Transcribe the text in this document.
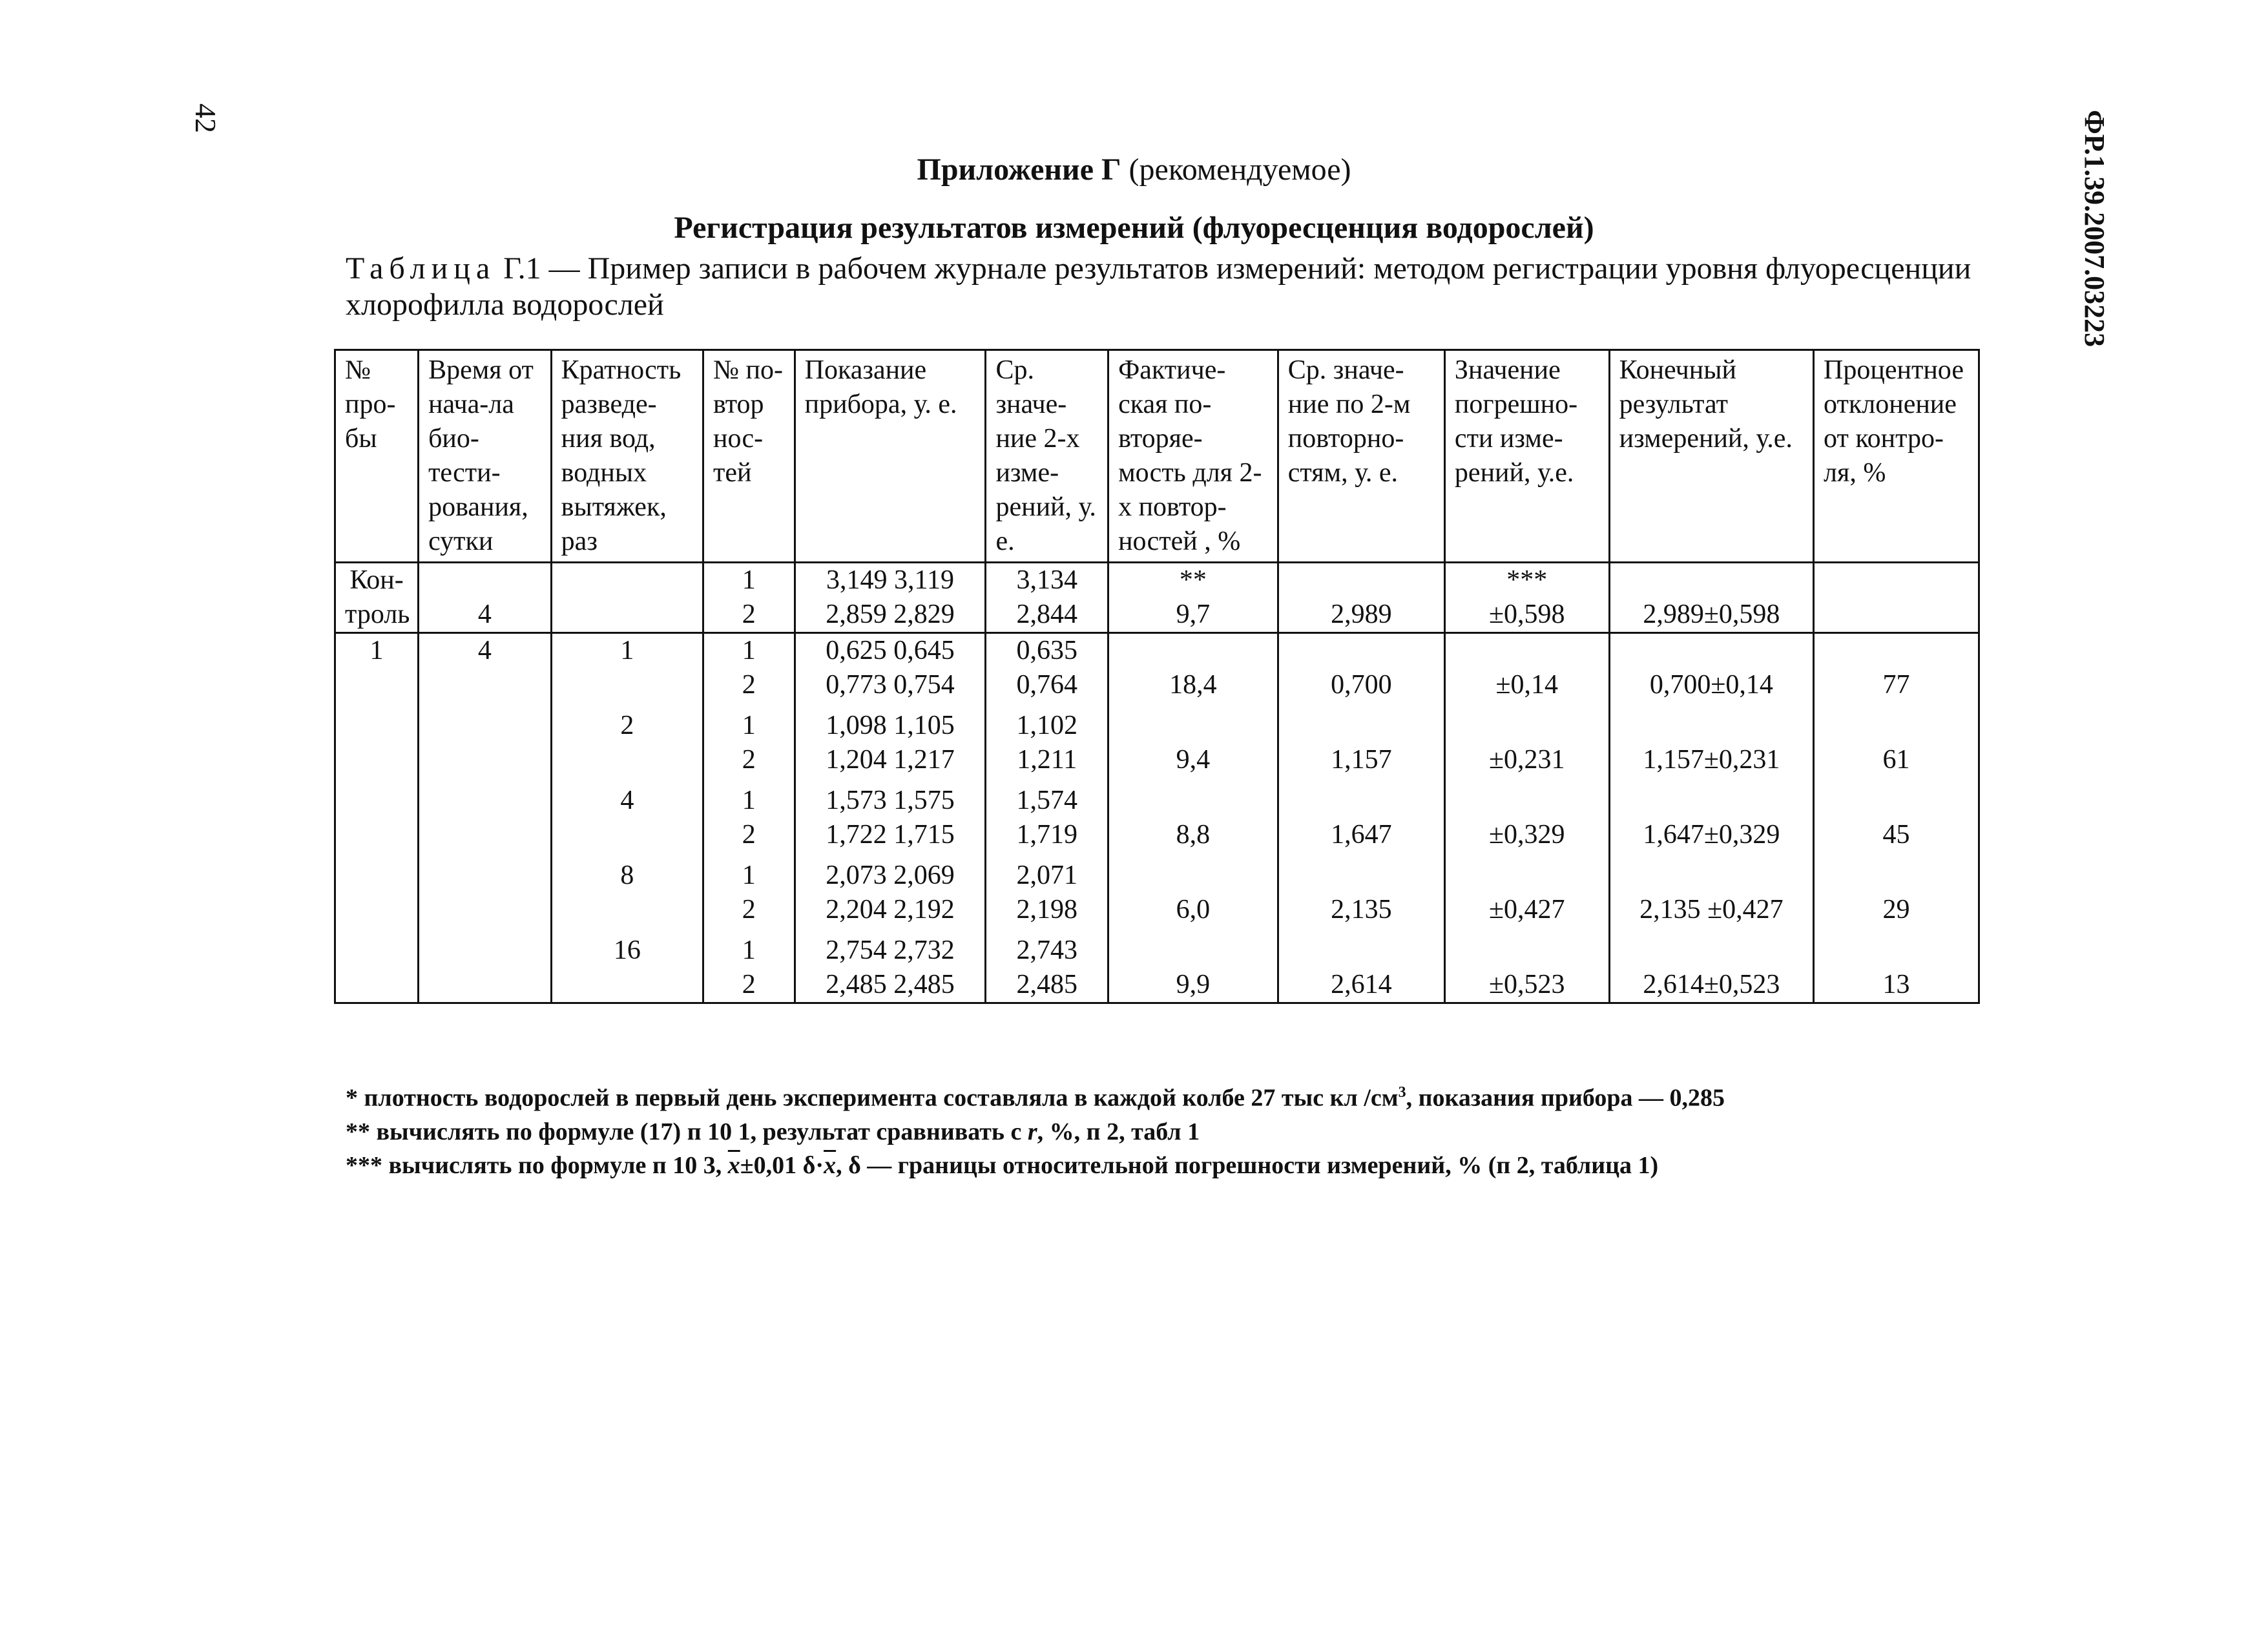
42	ФР.1.39.2007.03223
Приложение Г (рекомендуемое)
Регистрация результатов измерений (флуоресценция водорослей)
Таблица Г.1 — Пример записи в рабочем журнале результатов измерений: методом регистрации уровня флуоресценции хлорофилла водорослей
№ про-бы	Время от нача-ла био-тести-рования, сутки	Кратность разведе-ния вод, водных вытяжек, раз	№ по-втор нос-тей	Показание прибора, у. е.	Ср. значе-ние 2-х изме-рений, у. е.	Фактиче-ская по-вторяе-мость для 2-х повтор-ностей , %	Ср. значе-ние по 2-м повторно-стям, у. е.	Значение погрешно-сти изме-рений, у.е.	Конечный результат измерений, у.е.	Процентное отклонение от контро-ля, %
Кон-			1	3,149 3,119	3,134	**		***		
троль	4		2	2,859 2,829	2,844	9,7	2,989	±0,598	2,989±0,598	
1	4	1	1	0,625 0,645	0,635					
			2	0,773 0,754	0,764	18,4	0,700	±0,14	0,700±0,14	77
		2	1	1,098 1,105	1,102					
			2	1,204 1,217	1,211	9,4	1,157	±0,231	1,157±0,231	61
		4	1	1,573 1,575	1,574					
			2	1,722 1,715	1,719	8,8	1,647	±0,329	1,647±0,329	45
		8	1	2,073 2,069	2,071					
			2	2,204 2,192	2,198	6,0	2,135	±0,427	2,135 ±0,427	29
		16	1	2,754 2,732	2,743					
			2	2,485 2,485	2,485	9,9	2,614	±0,523	2,614±0,523	13
* плотность водорослей в первый день эксперимента составляла в каждой колбе 27 тыс кл $/см^3$, показания прибора — 0,285
** вычислять по формуле (17) п 10 1, результат сравнивать с r, %, п 2, табл 1
*** вычислять по формуле п 10 3, $\overline{x}\pm 0,01$ $\delta\cdot\overline{x}$, δ — границы относительной погрешности измерений, % (п 2, таблица 1)
